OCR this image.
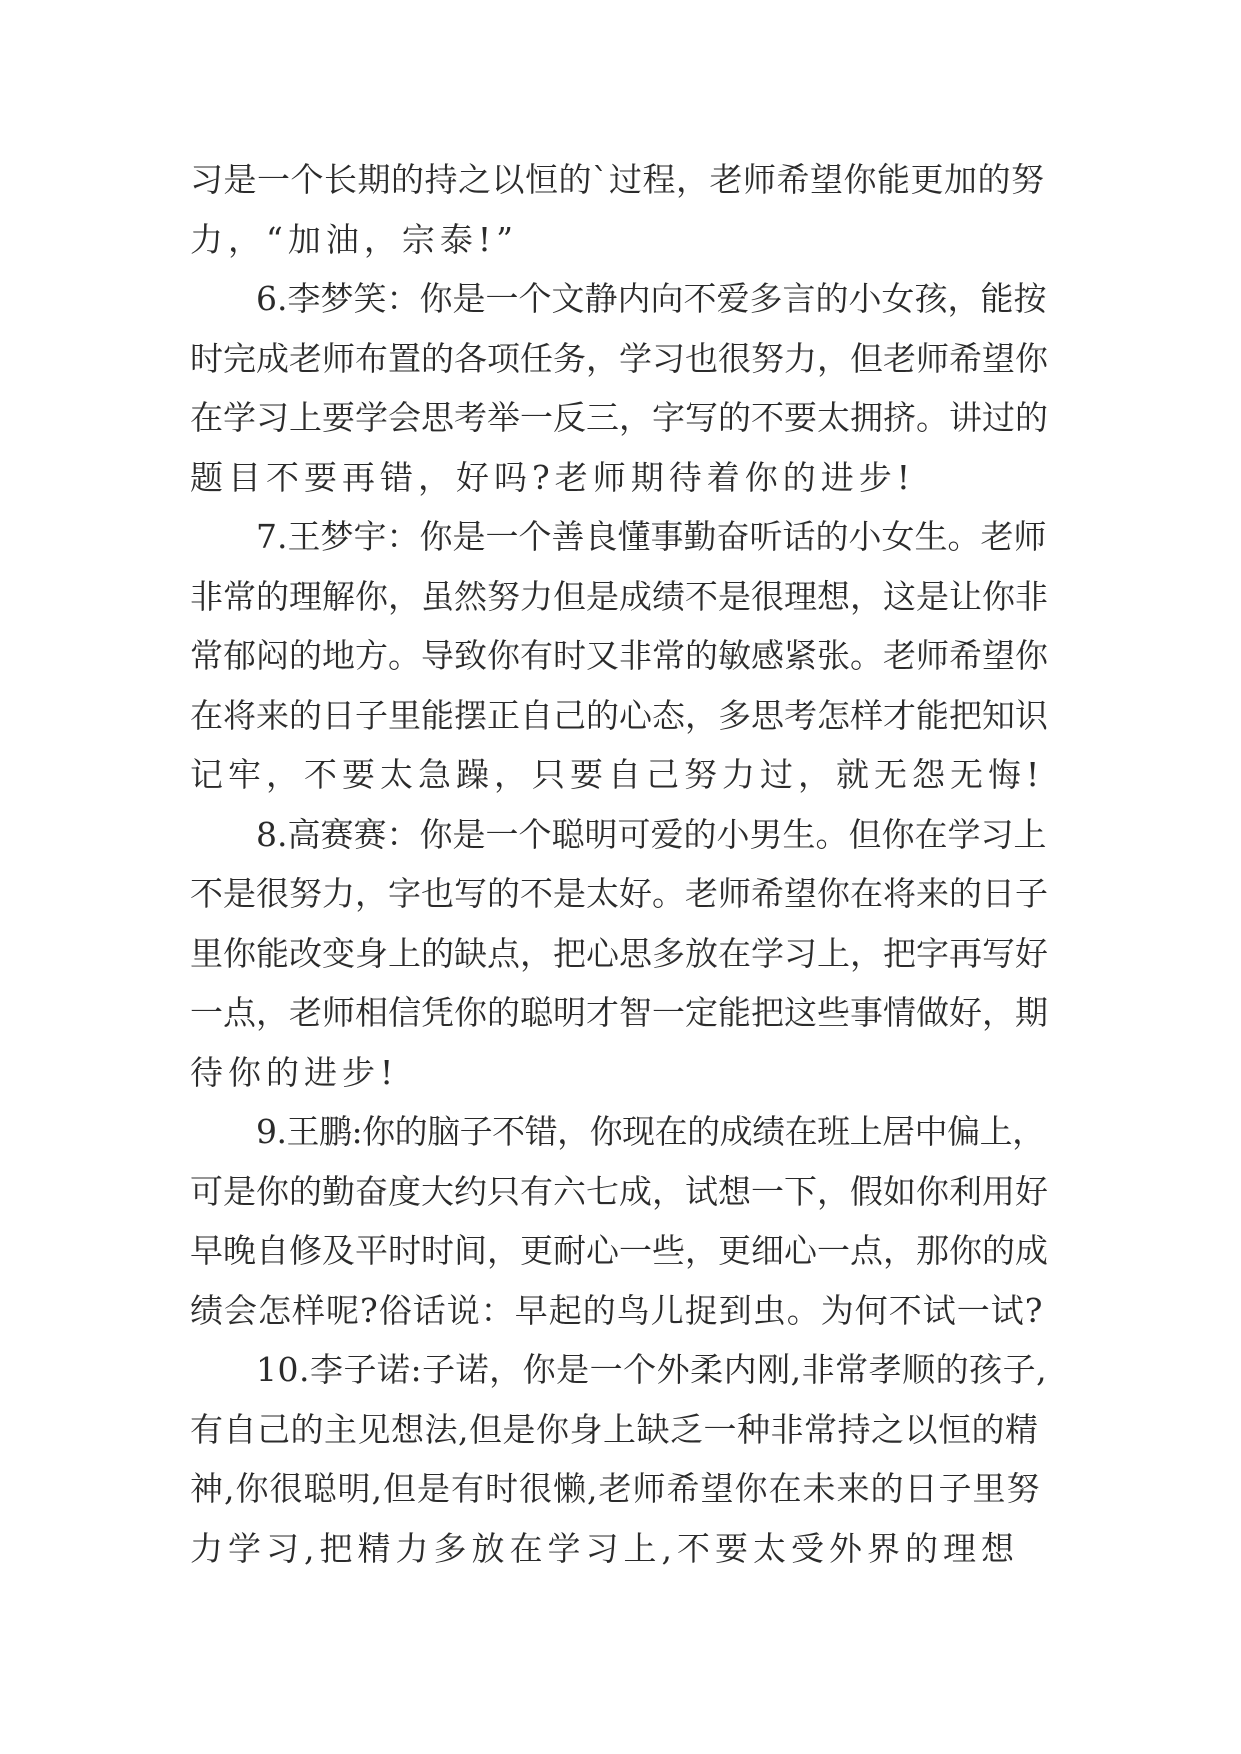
习是一个长期的持之以恒的`过程，老师希望你能更加的努
力，“加油，宗泰!”
6.李梦笑：你是一个文静内向不爱多言的小女孩，能按
时完成老师布置的各项任务，学习也很努力，但老师希望你
在学习上要学会思考举一反三，字写的不要太拥挤。讲过的
题目不要再错，好吗?老师期待着你的进步!
7.王梦宇：你是一个善良懂事勤奋听话的小女生。老师
非常的理解你，虽然努力但是成绩不是很理想，这是让你非
常郁闷的地方。导致你有时又非常的敏感紧张。老师希望你
在将来的日子里能摆正自己的心态，多思考怎样才能把知识
记牢，不要太急躁，只要自己努力过，就无怨无悔!
8.高赛赛：你是一个聪明可爱的小男生。但你在学习上
不是很努力，字也写的不是太好。老师希望你在将来的日子
里你能改变身上的缺点，把心思多放在学习上，把字再写好
一点，老师相信凭你的聪明才智一定能把这些事情做好，期
待你的进步!
9.王鹏:你的脑子不错，你现在的成绩在班上居中偏上，
可是你的勤奋度大约只有六七成，试想一下，假如你利用好
早晚自修及平时时间，更耐心一些，更细心一点，那你的成
绩会怎样呢?俗话说：早起的鸟儿捉到虫。为何不试一试?
10.李子诺:子诺，你是一个外柔内刚,非常孝顺的孩子,
有自己的主见想法,但是你身上缺乏一种非常持之以恒的精
神,你很聪明,但是有时很懒,老师希望你在未来的日子里努
力学习,把精力多放在学习上,不要太受外界的理想
